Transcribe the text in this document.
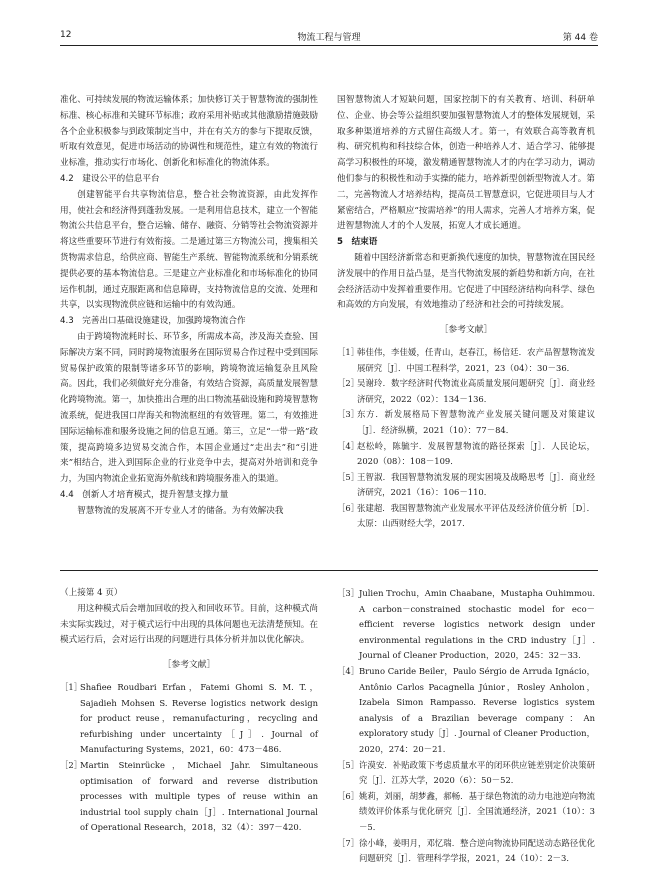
12	物流工程与管理	第 44 卷

准化、可持续发展的物流运输体系；加快修订关于智慧物流的强制性标准、核心标准和关键环节标准；政府采用补贴或其他激励措施鼓励各个企业积极参与到政策制定当中，并在有关方的参与下提取反馈，听取有效意见，促进市场活动的协调性和规范性，建立有效的物流行业标准，推动实行市场化、创新化和标准化的物流体系。

4.2　建设公平的信息平台

创建智能平台共享物流信息，整合社会物流资源，由此发挥作用，使社会和经济得到蓬勃发展。一是利用信息技术，建立一个智能物流公共信息平台，整合运输、储存、融资、分销等社会物流资源并将这些重要环节进行有效衔接。二是通过第三方物流公司，搜集相关货物需求信息，给供应商、智能生产系统、智能物流系统和分销系统提供必要的基本物流信息。三是建立产业标准化和市场标准化的协同运作机制，通过克服距离和信息障碍，支持物流信息的交流、处理和共享，以实现物流供应链和运输中的有效沟通。

4.3　完善出口基础设施建设，加强跨境物流合作

由于跨境物流耗时长、环节多，所需成本高，涉及海关查验、国际解决方案不同，同时跨境物流服务在国际贸易合作过程中受到国际贸易保护政策的限制等诸多环节的影响，跨境物流运输复杂且风险高。因此，我们必须做好充分准备，有效结合资源，高质量发展智慧化跨境物流。第一，加快推出合理的出口物流基础设施和跨境智慧物流系统，促进我国口岸海关和物流枢纽的有效管理。第二，有效推进国际运输标准和服务设施之间的信息互通。第三，立足“一带一路”政策，提高跨境多边贸易交流合作，本国企业通过“走出去”和“引进来”相结合，进入到国际企业的行业竞争中去，提高对外培训和竞争力，为国内物流企业拓宽海外航线和跨境服务准入的渠道。

4.4　创新人才培育模式，提升智慧支撑力量

智慧物流的发展离不开专业人才的储备。为有效解决我

国智慧物流人才短缺问题，国家控制下的有关教育、培训、科研单位、企业、协会等公益组织要加强智慧物流人才的整体发展规划，采取多种渠道培养的方式留住高级人才。第一，有效联合高等教育机构、研究机构和科技综合体，创造一种培养人才、适合学习、能够提高学习积极性的环境，激发精通智慧物流人才的内在学习动力，调动他们参与的积极性和动手实操的能力，培养新型创新型物流人才。第二，完善物流人才培养结构，提高员工智慧意识，它促进项目与人才紧密结合，严格顺应“按需培养”的用人需求，完善人才培养方案，促进智慧物流人才的个人发展，拓宽人才成长通道。

5　结束语

随着中国经济新常态和更新换代速度的加快，智慧物流在国民经济发展中的作用日益凸显，是当代物流发展的新趋势和新方向，在社会经济活动中发挥着重要作用。它促进了中国经济结构向科学、绿色和高效的方向发展，有效地推动了经济和社会的可持续发展。

［参考文献］
［1］
韩佳伟，李佳媛，任青山，赵春江，杨信廷．农产品智慧物流发展研究［J］．中国工程科学，2021，23（04）：30－36．
［2］
吴谢玲．数字经济时代物流业高质量发展问题研究［J］．商业经济研究，2022（02）：134－136．
［3］
东方．新发展格局下智慧物流产业发展关键问题及对策建议［J］．经济纵横，2021（10）：77－84．
［4］
赵松岭，陈毓宇．发展智慧物流的路径探索［J］．人民论坛，2020（08）：108－109．
［5］
王智淑．我国智慧物流发展的现实困境及战略思考［J］．商业经济研究，2021（16）：106－110．
［6］
张建超．我国智慧物流产业发展水平评估及经济价值分析［D］．太原：山西财经大学，2017．

（上接第 4 页）

用这种模式后会增加回收的投入和回收环节。目前，这种模式尚未实际实践过，对于模式运行中出现的具体问题也无法清楚预知。在模式运行后，会对运行出现的问题进行具体分析并加以优化解决。

［参考文献］
［1］
Shafiee Roudbari Erfan，Fatemi Ghomi S. M. T.，Sajadieh Mohsen S. Reverse logistics network design for product reuse，remanufacturing，recycling and refurbishing under uncertainty［J］. Journal of Manufacturing Systems，2021，60：473－486.
［2］
Martin Steinrücke，Michael Jahr. Simultaneous optimisation of forward and reverse distribution processes with multiple types of reuse within an industrial tool supply chain［J］. International Journal of Operational Research，2018，32（4）：397－420.
［3］ Julien Trochu，Amin Chaabane，Mustapha Ouhimmou. A carbon－constrained stochastic model for eco－efficient reverse logistics network design under environmental regulations in the CRD industry［J］. Journal of Cleaner Production，2020，245：32－33.
［4］ Bruno Caride Beiler，Paulo Sérgio de Arruda Ignácio，Antônio Carlos Pacagnella Júnior，Rosley Anholon，Izabela Simon Rampasso. Reverse logistics system analysis of a Brazilian beverage company：An exploratory study［J］. Journal of Cleaner Production，2020，274：20－21.
［5］ 许漠安．补贴政策下考虑质量水平的闭环供应链差别定价决策研究［J］．江苏大学，2020（6）：50－52．
［6］ 姚莉，刘丽，胡梦鑫，郝畅．基于绿色物流的动力电池逆向物流绩效评价体系与优化研究［J］．全国流通经济，2021（10）：3－5．
［7］ 徐小峰，姜明月，邓忆瑞．整合逆向物流协同配送动态路径优化问题研究［J］．管理科学学报，2021，24（10）：2－3．
